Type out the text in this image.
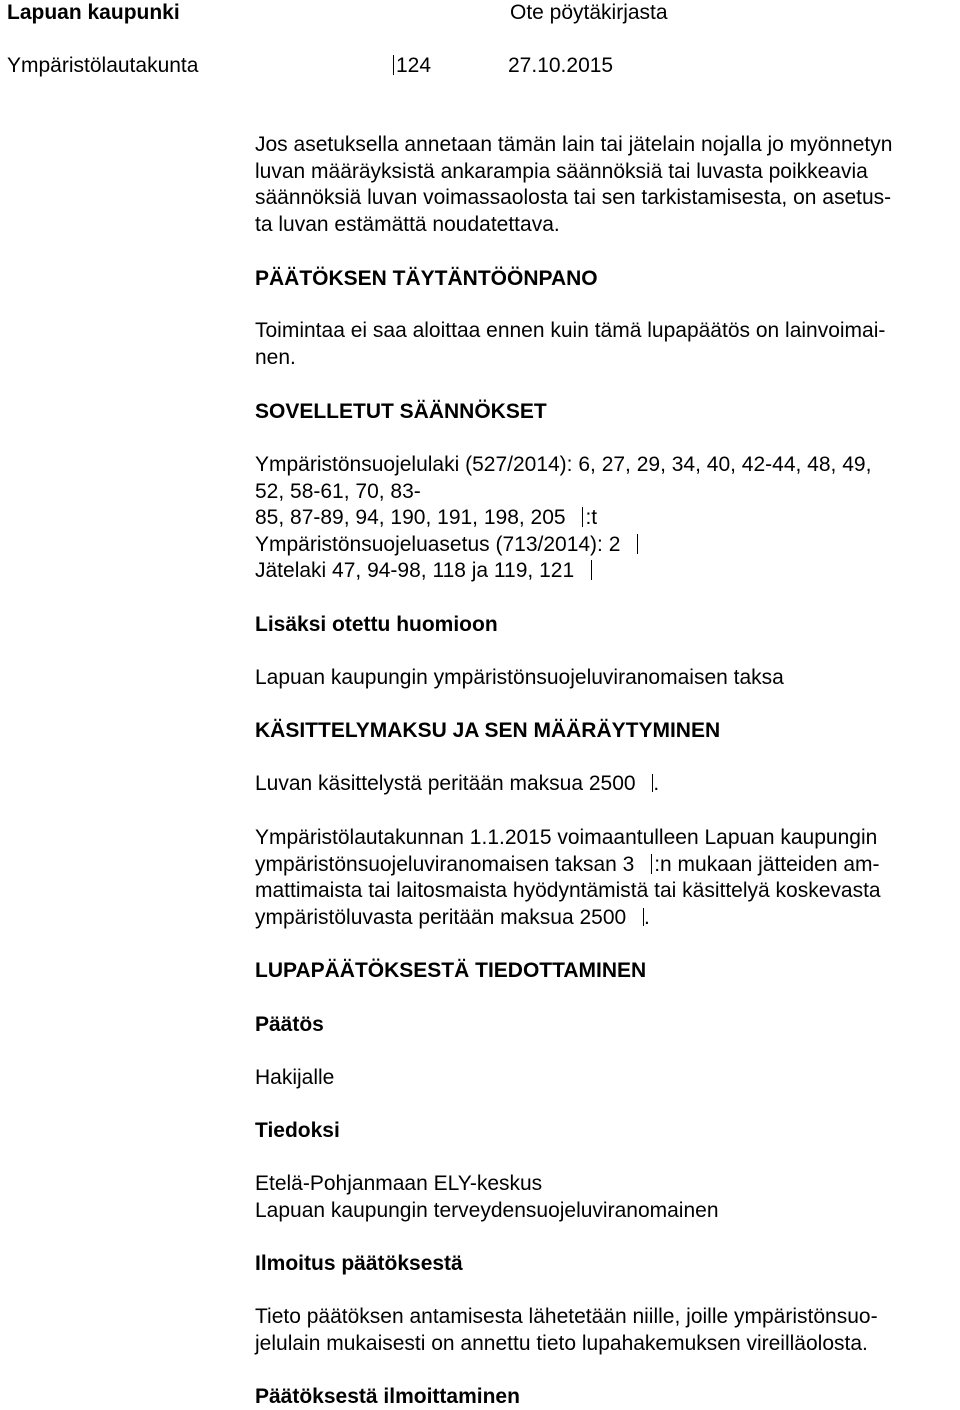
Lapuan kaupunki	Ote pöytäkirjasta
Ympäristölautakunta	124	27.10.2015
Jos asetuksella annetaan tämän lain tai jätelain nojalla jo myönnetyn
luvan määräyksistä ankarampia säännöksiä tai luvasta poikkeavia
säännöksiä luvan voimassaolosta tai sen tarkistamisesta, on asetus-
ta luvan estämättä noudatettava.
PÄÄTÖKSEN TÄYTÄNTÖÖNPANO
Toimintaa ei saa aloittaa ennen kuin tämä lupapäätös on lainvoimai-
nen.
SOVELLETUT SÄÄNNÖKSET
Ympäristönsuojelulaki (527/2014): 6, 27, 29, 34, 40, 42-44, 48, 49,
52, 58-61, 70, 83-
85, 87-89, 94, 190, 191, 198, 205 :t
Ympäristönsuojeluasetus (713/2014): 2
Jätelaki 47, 94-98, 118 ja 119, 121
Lisäksi otettu huomioon
Lapuan kaupungin ympäristönsuojeluviranomaisen taksa
KÄSITTELYMAKSU JA SEN MÄÄRÄYTYMINEN
Luvan käsittelystä peritään maksua 2500 .
Ympäristölautakunnan 1.1.2015 voimaantulleen Lapuan kaupungin
ympäristönsuojeluviranomaisen taksan 3 :n mukaan jätteiden am-
mattimaista tai laitosmaista hyödyntämistä tai käsittelyä koskevasta
ympäristöluvasta peritään maksua 2500 .
LUPAPÄÄTÖKSESTÄ TIEDOTTAMINEN
Päätös
Hakijalle
Tiedoksi
Etelä-Pohjanmaan ELY-keskus
Lapuan kaupungin terveydensuojeluviranomainen
Ilmoitus päätöksestä
Tieto päätöksen antamisesta lähetetään niille, joille ympäristönsuo-
jelulain mukaisesti on annettu tieto lupahakemuksen vireilläolosta.
Päätöksestä ilmoittaminen
